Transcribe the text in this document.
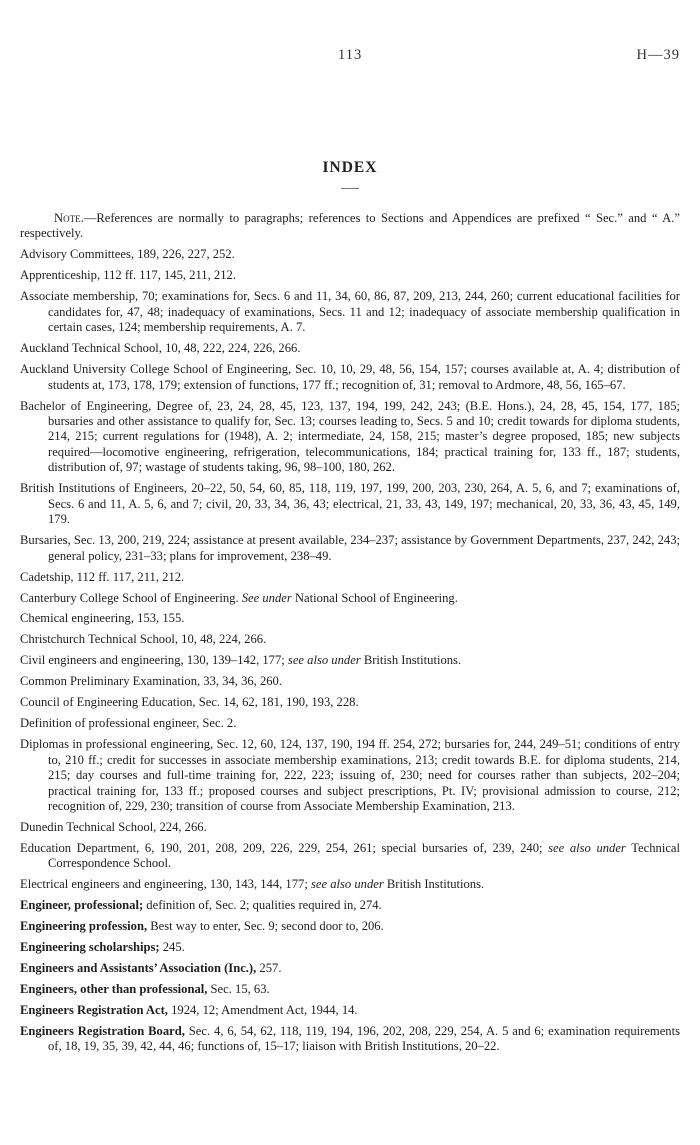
113	H—39
INDEX

Note.—References are normally to paragraphs; references to Sections and Appendices are prefixed “ Sec.” and “ A.” respectively.

Advisory Committees, 189, 226, 227, 252.

Apprenticeship, 112 ff. 117, 145, 211, 212.

Associate membership, 70; examinations for, Secs. 6 and 11, 34, 60, 86, 87, 209, 213, 244, 260; current educational facilities for candidates for, 47, 48; inadequacy of examinations, Secs. 11 and 12; inadequacy of associate membership qualification in certain cases, 124; membership requirements, A. 7.

Auckland Technical School, 10, 48, 222, 224, 226, 266.

Auckland University College School of Engineering, Sec. 10, 10, 29, 48, 56, 154, 157; courses available at, A. 4; distribution of students at, 173, 178, 179; extension of functions, 177 ff.; recognition of, 31; removal to Ardmore, 48, 56, 165–67.

Bachelor of Engineering, Degree of, 23, 24, 28, 45, 123, 137, 194, 199, 242, 243; (B.E. Hons.), 24, 28, 45, 154, 177, 185; bursaries and other assistance to qualify for, Sec. 13; courses leading to, Secs. 5 and 10; credit towards for diploma students, 214, 215; current regulations for (1948), A. 2; intermediate, 24, 158, 215; master’s degree proposed, 185; new subjects required—locomotive engineering, refrigeration, telecommunications, 184; practical training for, 133 ff., 187; students, distribution of, 97; wastage of students taking, 96, 98–100, 180, 262.

British Institutions of Engineers, 20–22, 50, 54, 60, 85, 118, 119, 197, 199, 200, 203, 230, 264, A. 5, 6, and 7; examinations of, Secs. 6 and 11, A. 5, 6, and 7; civil, 20, 33, 34, 36, 43; electrical, 21, 33, 43, 149, 197; mechanical, 20, 33, 36, 43, 45, 149, 179.

Bursaries, Sec. 13, 200, 219, 224; assistance at present available, 234–237; assistance by Government Departments, 237, 242, 243; general policy, 231–33; plans for improvement, 238–49.

Cadetship, 112 ff. 117, 211, 212.

Canterbury College School of Engineering. See under National School of Engineering.

Chemical engineering, 153, 155.

Christchurch Technical School, 10, 48, 224, 266.

Civil engineers and engineering, 130, 139–142, 177; see also under British Institutions.

Common Preliminary Examination, 33, 34, 36, 260.

Council of Engineering Education, Sec. 14, 62, 181, 190, 193, 228.

Definition of professional engineer, Sec. 2.

Diplomas in professional engineering, Sec. 12, 60, 124, 137, 190, 194 ff. 254, 272; bursaries for, 244, 249–51; conditions of entry to, 210 ff.; credit for successes in associate membership examinations, 213; credit towards B.E. for diploma students, 214, 215; day courses and full-time training for, 222, 223; issuing of, 230; need for courses rather than subjects, 202–204; practical training for, 133 ff.; proposed courses and subject prescriptions, Pt. IV; provisional admission to course, 212; recognition of, 229, 230; transition of course from Associate Membership Examination, 213.

Dunedin Technical School, 224, 266.

Education Department, 6, 190, 201, 208, 209, 226, 229, 254, 261; special bursaries of, 239, 240; see also under Technical Correspondence School.

Electrical engineers and engineering, 130, 143, 144, 177; see also under British Institutions.

Engineer, professional; definition of, Sec. 2; qualities required in, 274.

Engineering profession, Best way to enter, Sec. 9; second door to, 206.

Engineering scholarships; 245.

Engineers and Assistants’ Association (Inc.), 257.

Engineers, other than professional, Sec. 15, 63.

Engineers Registration Act, 1924, 12; Amendment Act, 1944, 14.

Engineers Registration Board, Sec. 4, 6, 54, 62, 118, 119, 194, 196, 202, 208, 229, 254, A. 5 and 6; examination requirements of, 18, 19, 35, 39, 42, 44, 46; functions of, 15–17; liaison with British Institutions, 20–22.
